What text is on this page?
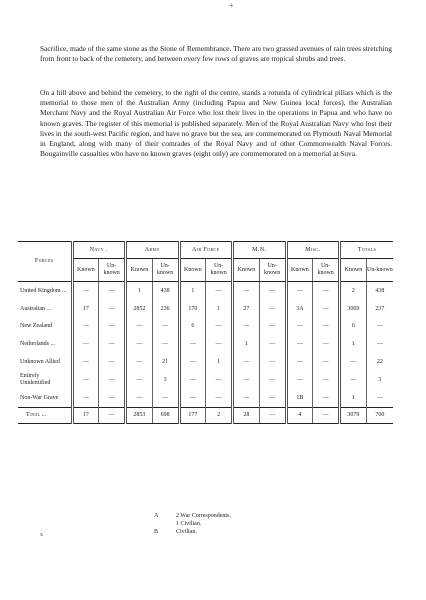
+

Sacrifice, made of the same stone as the Stone of Remembrance. There are two grassed avenues of rain trees stretching from front to back of the cemetery, and between every few rows of graves are tropical shrubs and trees.

On a hill above and behind the cemetery, to the right of the centre, stands a rotunda of cylindrical pillars which is the memorial to those men of the Australian Army (including Papua and New Guinea local forces), the Australian Merchant Navy and the Royal Australian Air Force who lost their lives in the operations in Papua and who have no known graves. The register of this memorial is published separately. Men of the Royal Australian Navy who lost their lives in the south-west Pacific region, and have no grave but the sea, are commemorated on Plymouth Naval Memorial in England, along with many of their comrades of the Royal Navy and of other Commonwealth Naval Forces. Bougainville casualties who have no known graves (eight only) are commemorated on a memorial at Suva.

Forces	Navy .		Army		Air Force		M.N.		Misc.		Totals	
	Known	Un-known	Known	Un-known	Known	Un-known	Known	Un-known	Known	Un-known	Known	Un-known
United Kingdom ...	—	—	1	438	1	—	—	—	—	—	2	438
Australian ...	17	—	2852	236	170	1	27	—	3A	—	3069	237
New Zealand	—	—	—	—	6	—	—	—	—	—	6	—
Netherlands ...	—	—	—	—	—	—	1	—	—	—	1	—
Unknown Allied	—	—	—	21	—	1	—	—	—	—	—	22
Entirely Unidentified	—	—	—	3	—	—	—	—	—	—	—	3
Non-War Grave	—	—	—	—	—	—	—	—	1B	—	1	—
Total ...	17	—	2853	698	177	2	28	—	4	—	3079	700
A	2 War Correspondents.
1 Civilian.
B	Civilian.
x
